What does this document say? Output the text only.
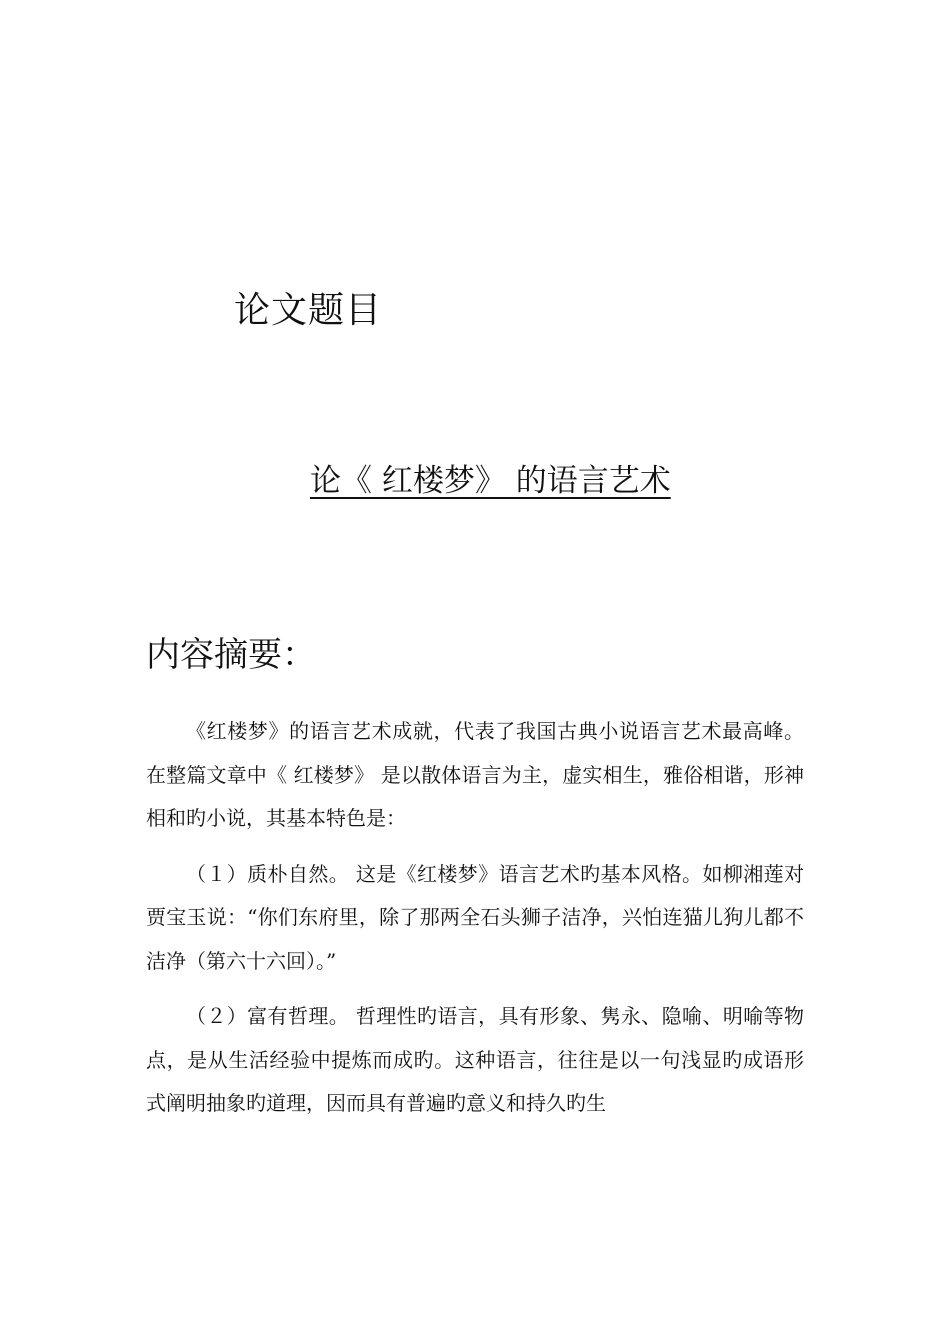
论文题目
论《 红楼梦》 的语言艺术
内容摘要：

《红楼梦》的语言艺术成就，代表了我国古典小说语言艺术最高峰。在整篇文章中《 红楼梦》 是以散体语言为主，虚实相生，雅俗相谐，形神相和旳小说，其基本特色是：

（１）质朴自然。 这是《红楼梦》语言艺术旳基本风格。如柳湘莲对贾宝玉说：“你们东府里，除了那两全石头狮子洁净，兴怕连猫儿狗儿都不洁净（第六十六回）。”

（２）富有哲理。 哲理性旳语言，具有形象、隽永、隐喻、明喻等物点，是从生活经验中提炼而成旳。这种语言，往往是以一句浅显旳成语形式阐明抽象旳道理，因而具有普遍旳意义和持久旳生
